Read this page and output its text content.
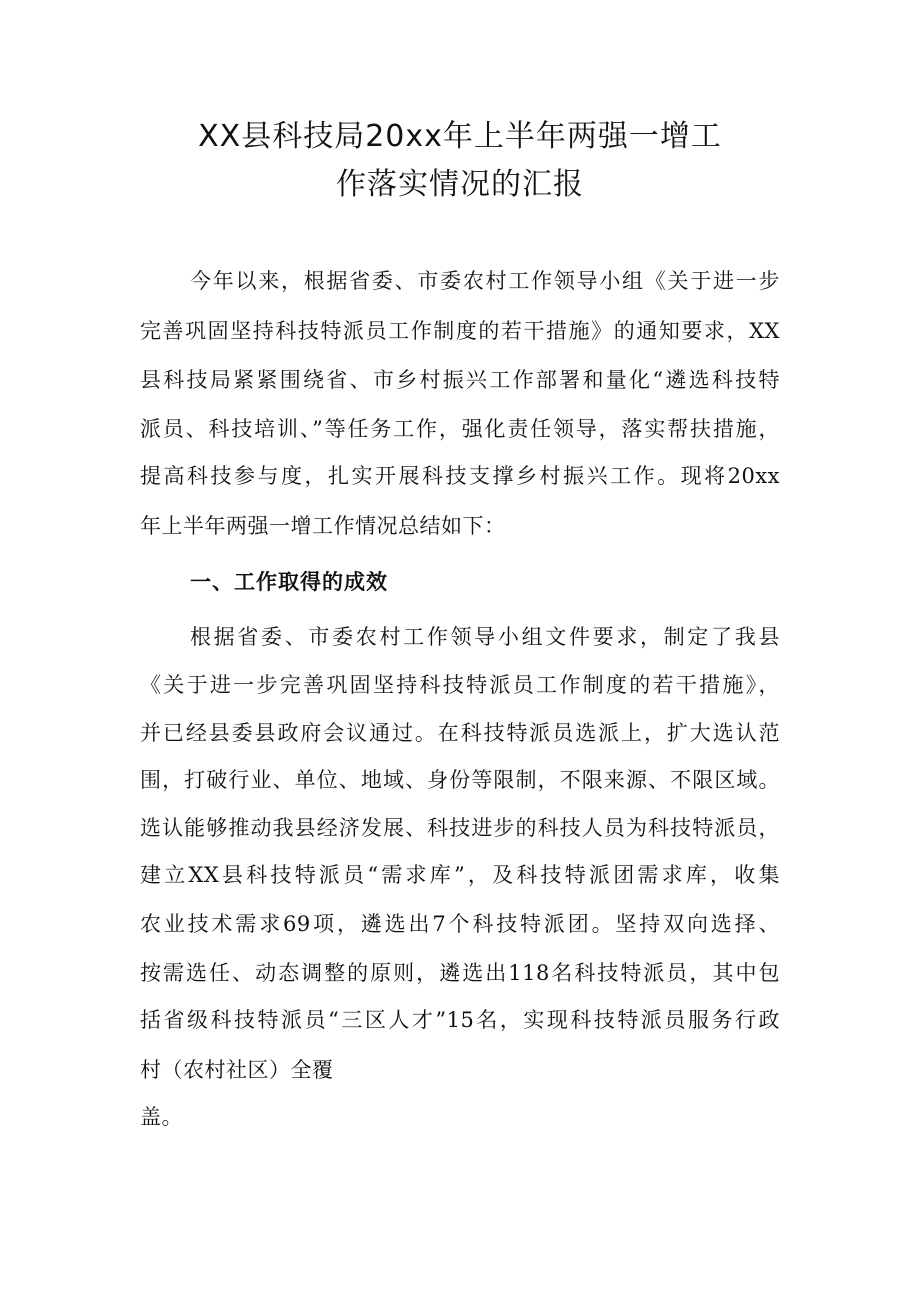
XX县科技局20xx年上半年两强一增工
作落实情况的汇报
今年以来，根据省委、市委农村工作领导小组《关于进一步
完善巩固坚持科技特派员工作制度的若干措施》的通知要求，XX
县科技局紧紧围绕省、市乡村振兴工作部署和量化“遴选科技特
派员、科技培训、”等任务工作，强化责任领导，落实帮扶措施，
提高科技参与度，扎实开展科技支撑乡村振兴工作。现将20xx
年上半年两强一增工作情况总结如下：
一、工作取得的成效
根据省委、市委农村工作领导小组文件要求，制定了我县
《关于进一步完善巩固坚持科技特派员工作制度的若干措施》，
并已经县委县政府会议通过。在科技特派员选派上，扩大选认范
围，打破行业、单位、地域、身份等限制，不限来源、不限区域。
选认能够推动我县经济发展、科技进步的科技人员为科技特派员，
建立XX县科技特派员“需求库”，及科技特派团需求库，收集
农业技术需求69项，遴选出7个科技特派团。坚持双向选择、
按需选任、动态调整的原则，遴选出118名科技特派员，其中包
括省级科技特派员“三区人才”15名，实现科技特派员服务行政
村（农村社区）全覆
盖。
